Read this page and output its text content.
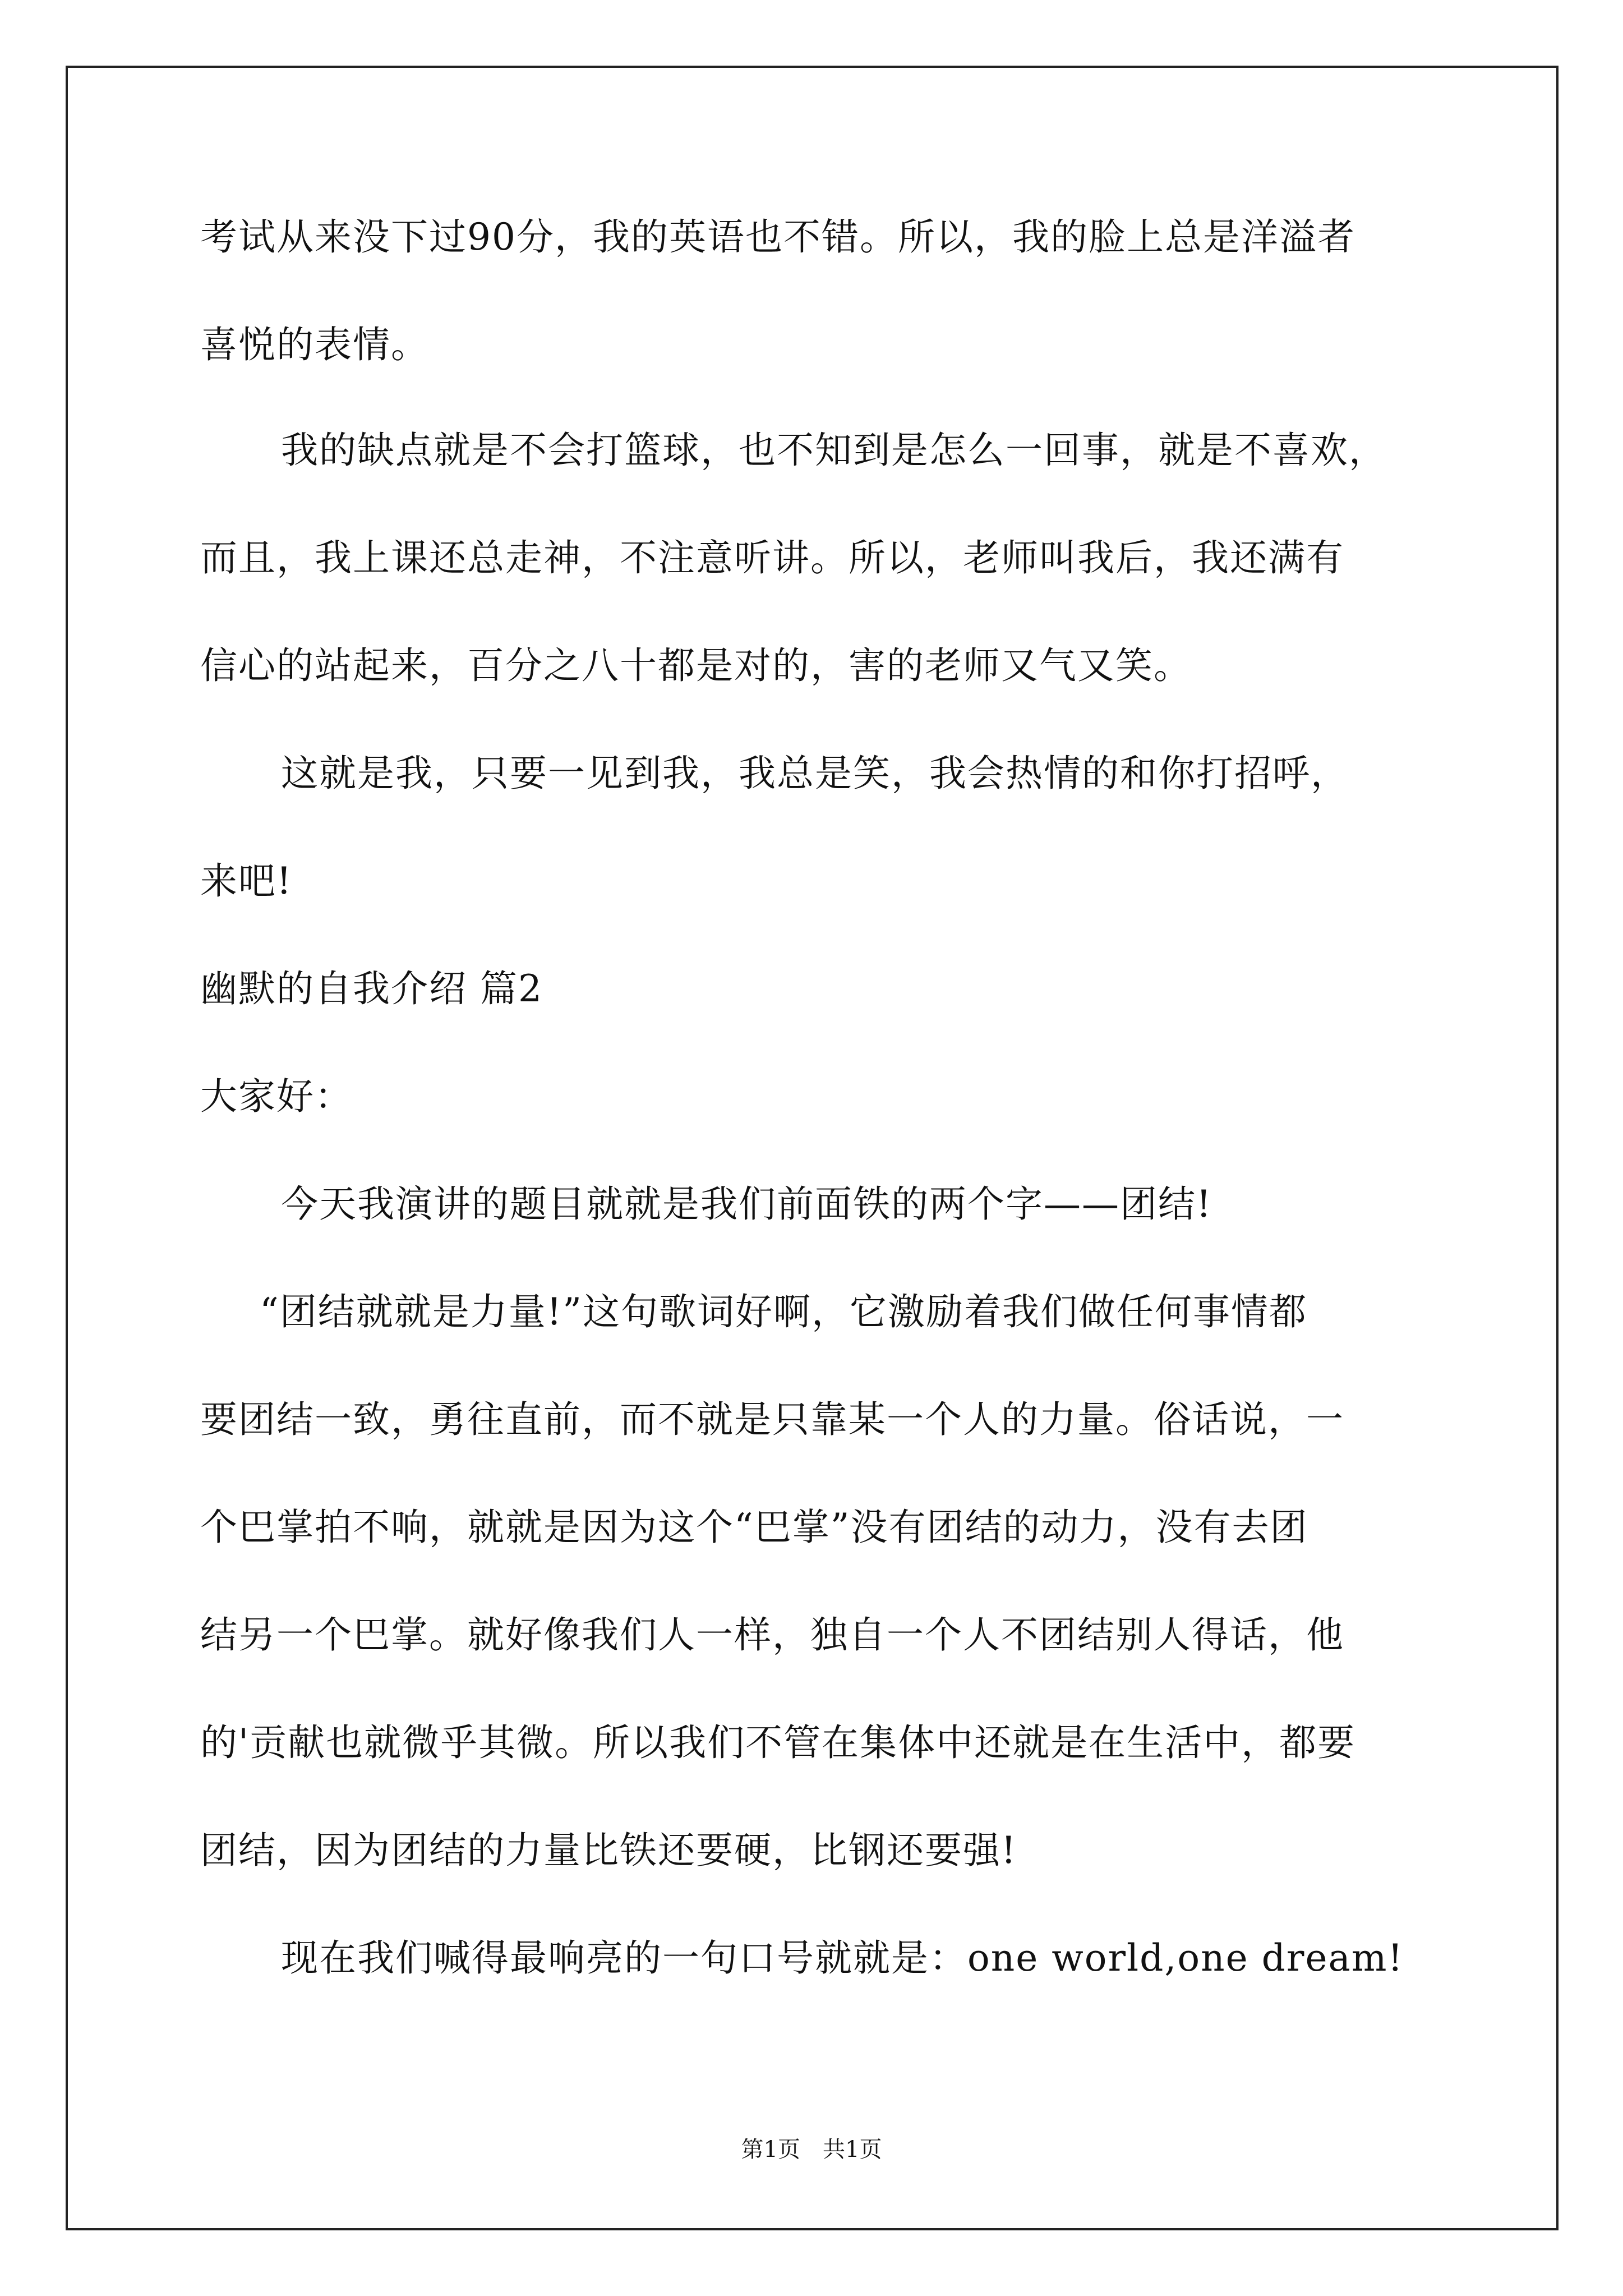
考试从来没下过90分，我的英语也不错。所以，我的脸上总是洋溢者
喜悦的表情。
我的缺点就是不会打篮球，也不知到是怎么一回事，就是不喜欢，
而且，我上课还总走神，不注意听讲。所以，老师叫我后，我还满有
信心的站起来，百分之八十都是对的，害的老师又气又笑。
这就是我，只要一见到我，我总是笑，我会热情的和你打招呼，
来吧!
幽默的自我介绍 篇2
大家好：
今天我演讲的题目就就是我们前面铁的两个字——团结!
“团结就就是力量!”这句歌词好啊，它激励着我们做任何事情都
要团结一致，勇往直前，而不就是只靠某一个人的力量。俗话说，一
个巴掌拍不响，就就是因为这个“巴掌”没有团结的动力，没有去团
结另一个巴掌。就好像我们人一样，独自一个人不团结别人得话，他
的'贡献也就微乎其微。所以我们不管在集体中还就是在生活中，都要
团结，因为团结的力量比铁还要硬，比钢还要强!
现在我们喊得最响亮的一句口号就就是：one world,one dream!
第1页 共1页
